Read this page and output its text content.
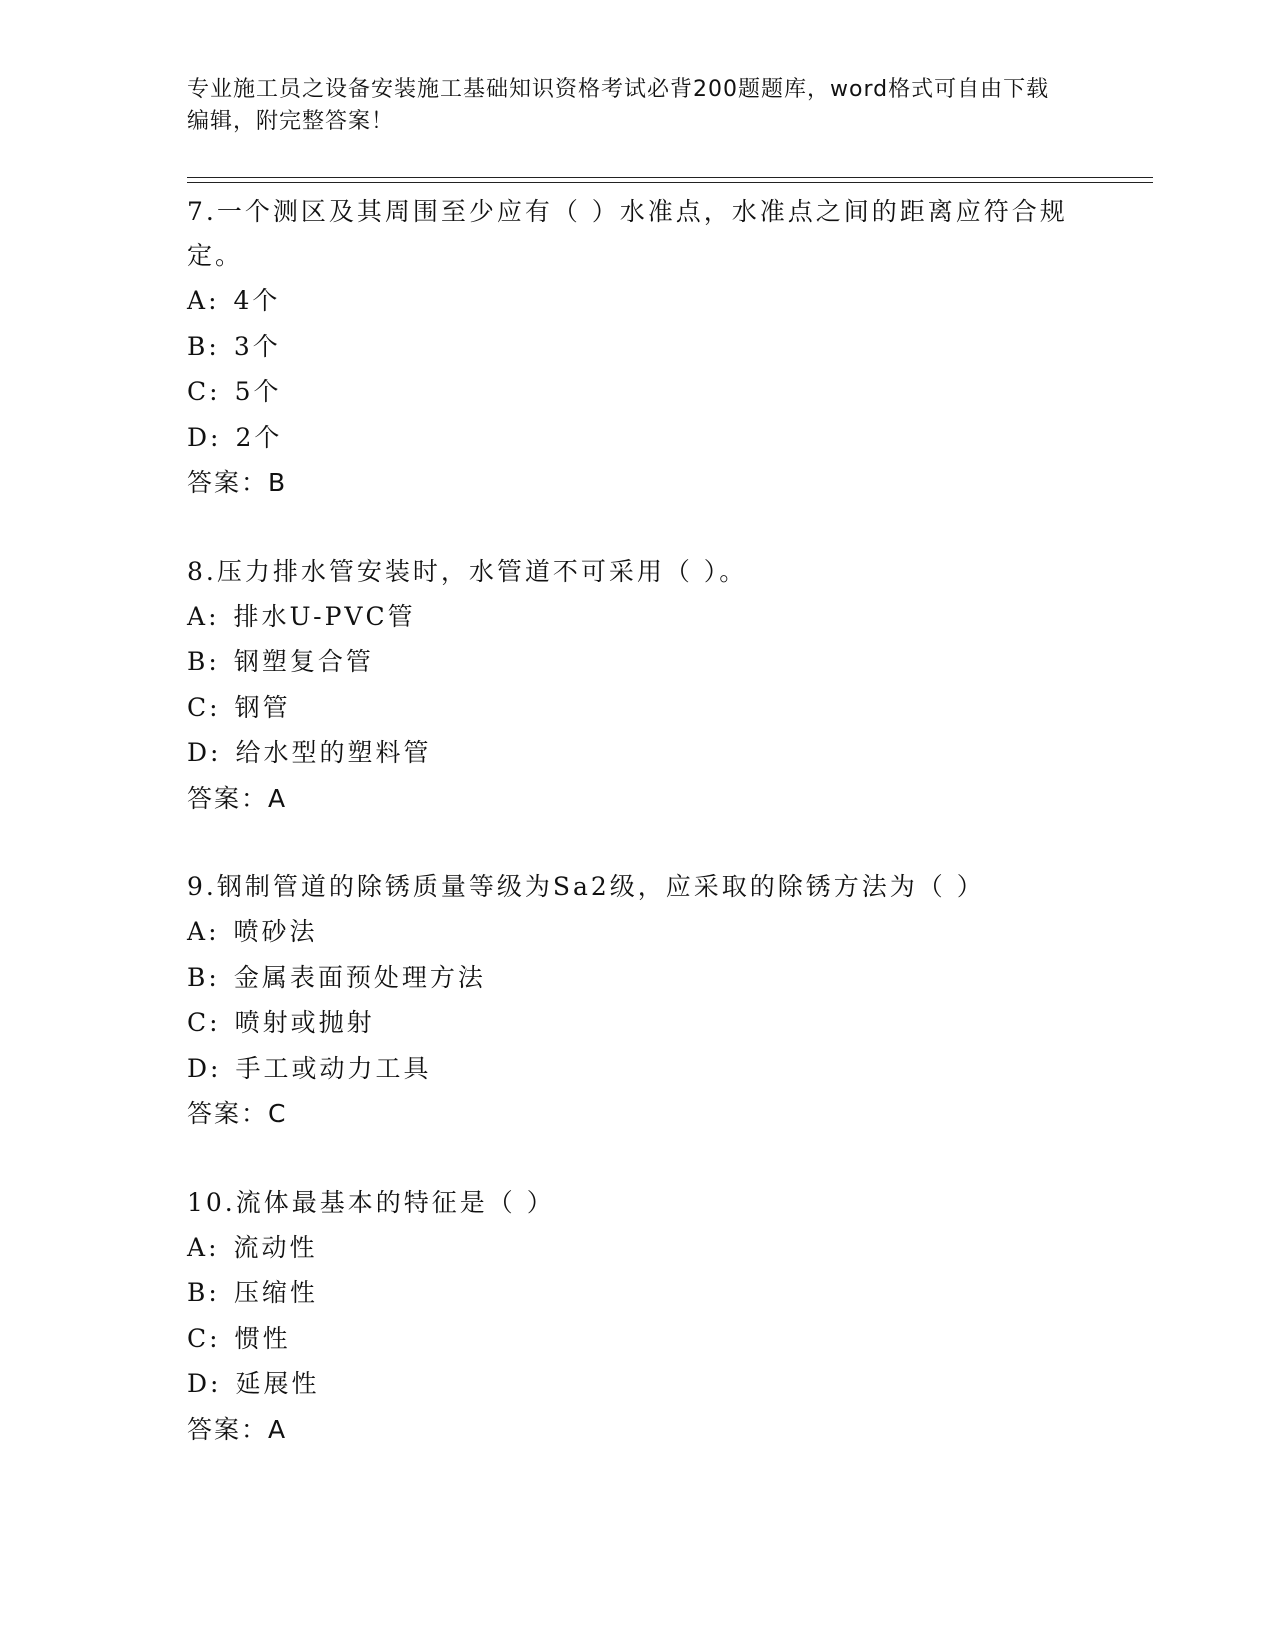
专业施工员之设备安装施工基础知识资格考试必背200题题库，word格式可自由下载编辑，附完整答案！

7.一个测区及其周围至少应有（ ）水准点，水准点之间的距离应符合规定。

A: 4个

B: 3个

C: 5个

D: 2个

答案：B

8.压力排水管安装时，水管道不可采用（ ）。

A: 排水U-PVC管

B: 钢塑复合管

C: 钢管

D: 给水型的塑料管

答案：A

9.钢制管道的除锈质量等级为Sa2级，应采取的除锈方法为（ ）

A: 喷砂法

B: 金属表面预处理方法

C: 喷射或抛射

D: 手工或动力工具

答案：C

10.流体最基本的特征是（ ）

A: 流动性

B: 压缩性

C: 惯性

D: 延展性

答案：A
